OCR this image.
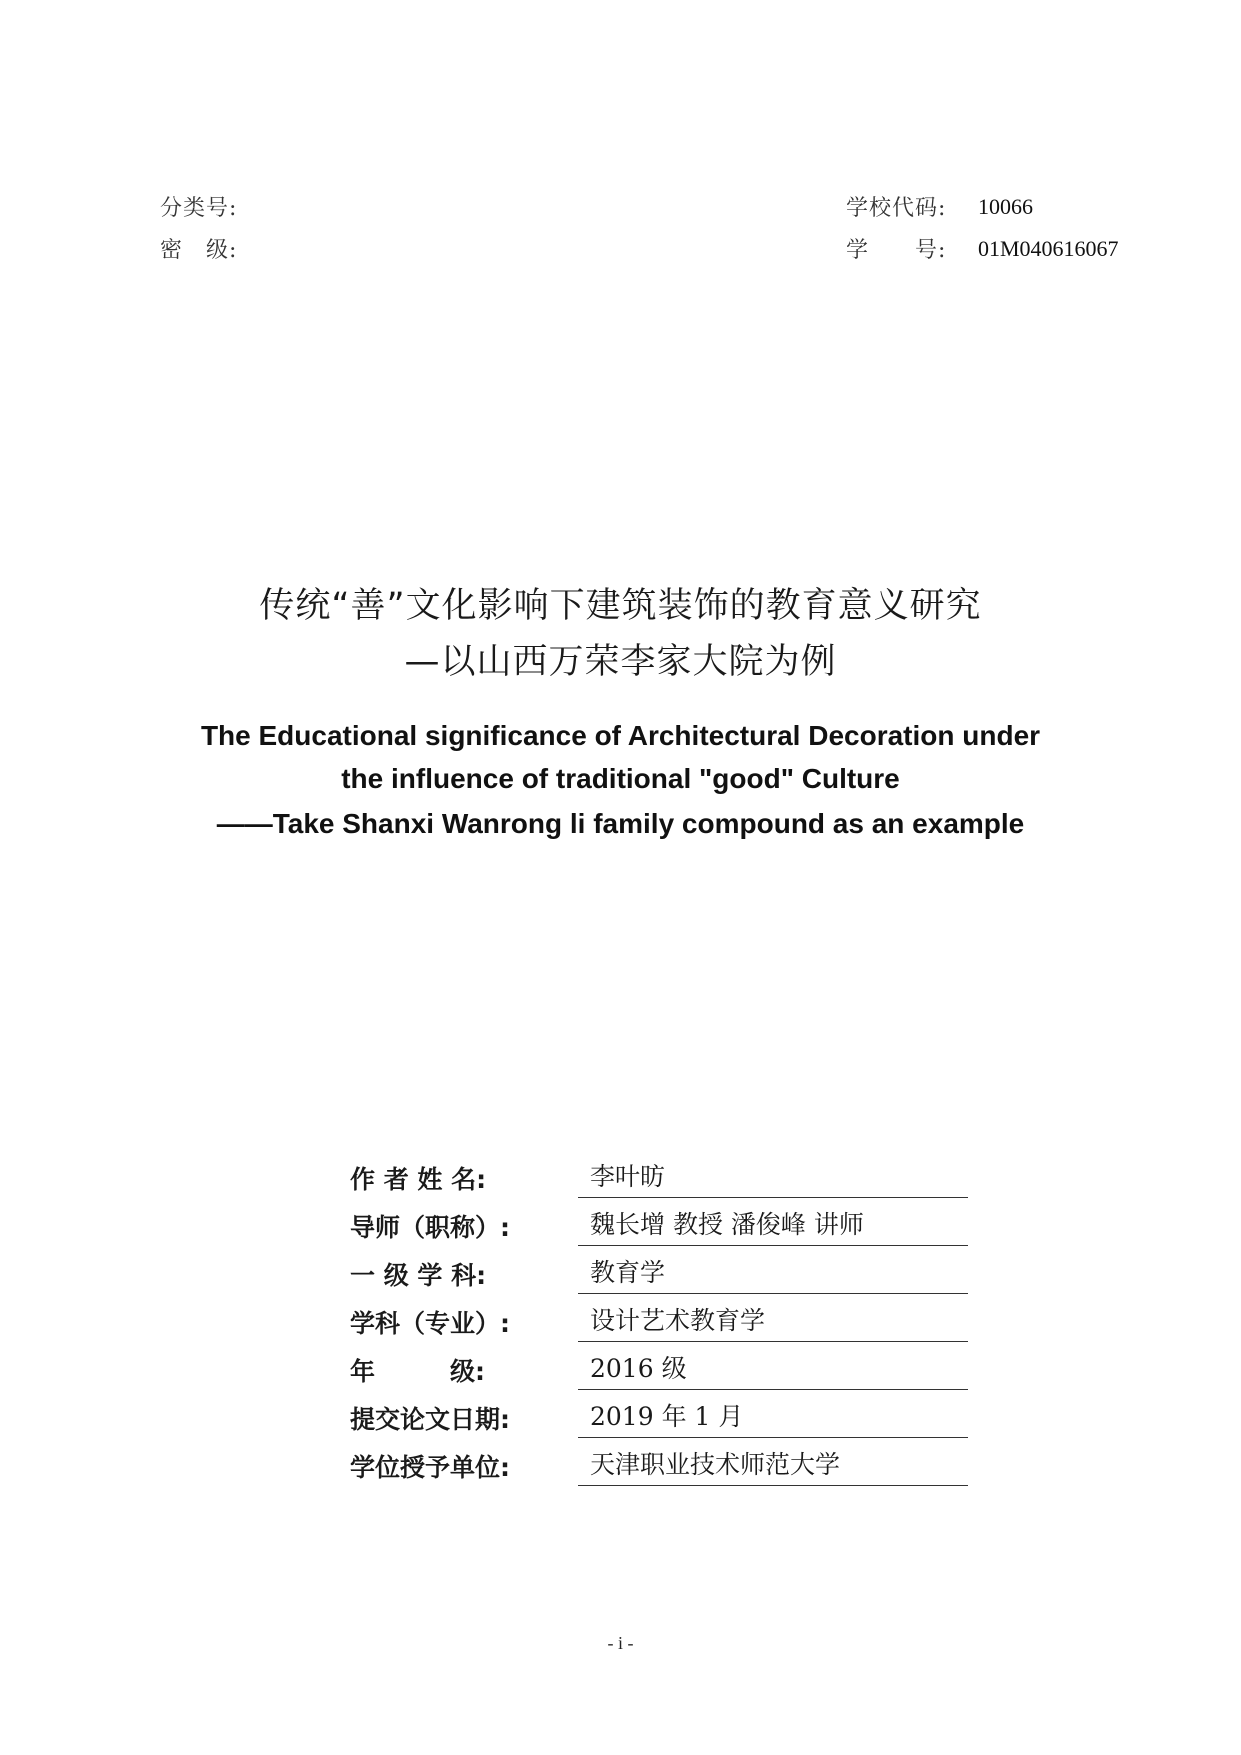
分类号:
密　级:
学校代码: 10066
学　　号: 01M040616067
传统“善”文化影响下建筑装饰的教育意义研究
—以山西万荣李家大院为例
The Educational significance of Architectural Decoration under
the influence of traditional "good" Culture
——Take Shanxi Wanrong li family compound as an example
作 者 姓 名:	李叶昉
导师（职称）:	魏长增 教授 潘俊峰 讲师
一 级 学 科:	教育学
学科（专业）:	设计艺术教育学
年　　　级:	2016 级
提交论文日期:	2019 年 1 月
学位授予单位:	天津职业技术师范大学
- i -
